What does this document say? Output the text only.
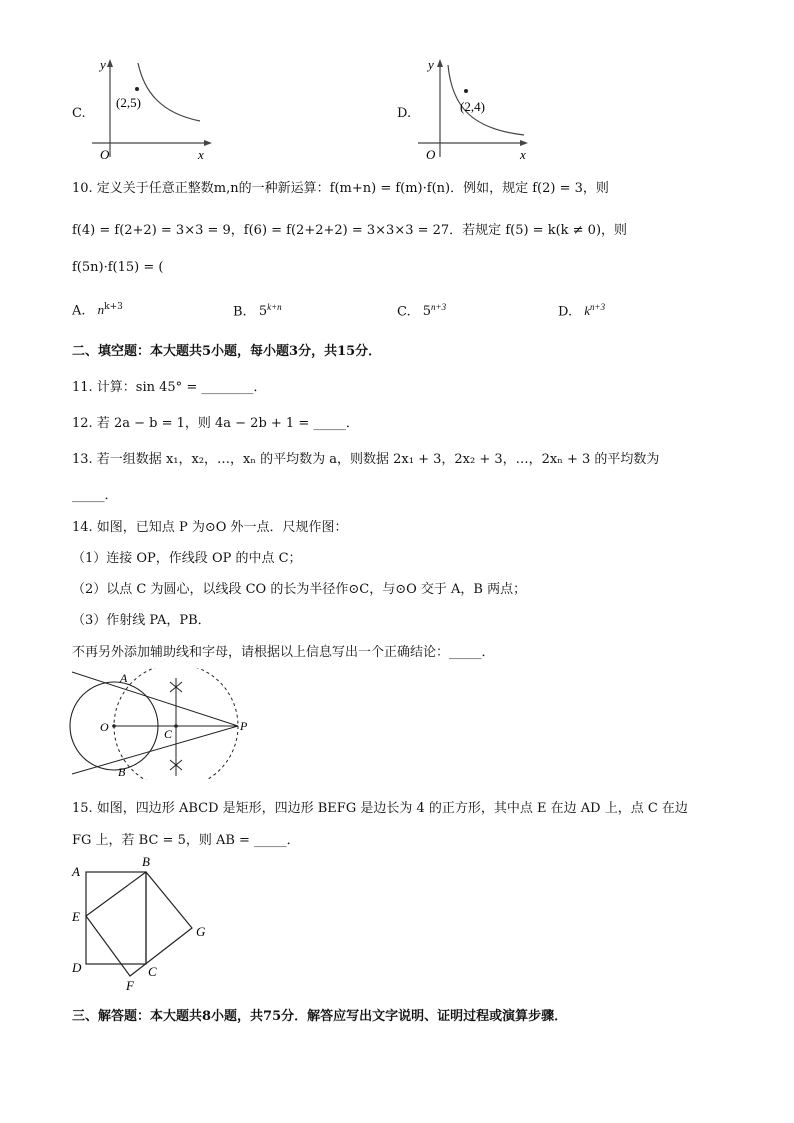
C.
(2,5)
y
x
O
D.	(2,4)
y
x
O
10. 定义关于任意正整数m,n的一种新运算：f(m+n) = f(m)·f(n)．例如，规定 f(2) = 3，则
f(4) = f(2+2) = 3×3 = 9，f(6) = f(2+2+2) = 3×3×3 = 27．若规定 f(5) = k(k ≠ 0)，则
f(5n)·f(15) = (
A. $n^{k+3}$	B. $5^{k+n}$	C. $5^{n+3}$	D. $k^{n+3}$
二、填空题：本大题共5小题，每小题3分，共15分．
11. 计算：sin 45° = ________．
12. 若 2a − b = 1，则 4a − 2b + 1 = _____．
13. 若一组数据 x₁，x₂，…，xₙ 的平均数为 a，则数据 2x₁ + 3，2x₂ + 3，…，2xₙ + 3 的平均数为
_____．
14. 如图，已知点 P 为⊙O 外一点．尺规作图：
（1）连接 OP，作线段 OP 的中点 C；
（2）以点 C 为圆心，以线段 CO 的长为半径作⊙C，与⊙O 交于 A，B 两点；
（3）作射线 PA，PB．
不再另外添加辅助线和字母，请根据以上信息写出一个正确结论：_____．
A
B
O	C
P
15. 如图，四边形 ABCD 是矩形，四边形 BEFG 是边长为 4 的正方形，其中点 E 在边 AD 上，点 C 在边
FG 上，若 BC = 5，则 AB = _____．
A
B
C
D
E
F
G
三、解答题：本大题共8小题，共75分．解答应写出文字说明、证明过程或演算步骤．
